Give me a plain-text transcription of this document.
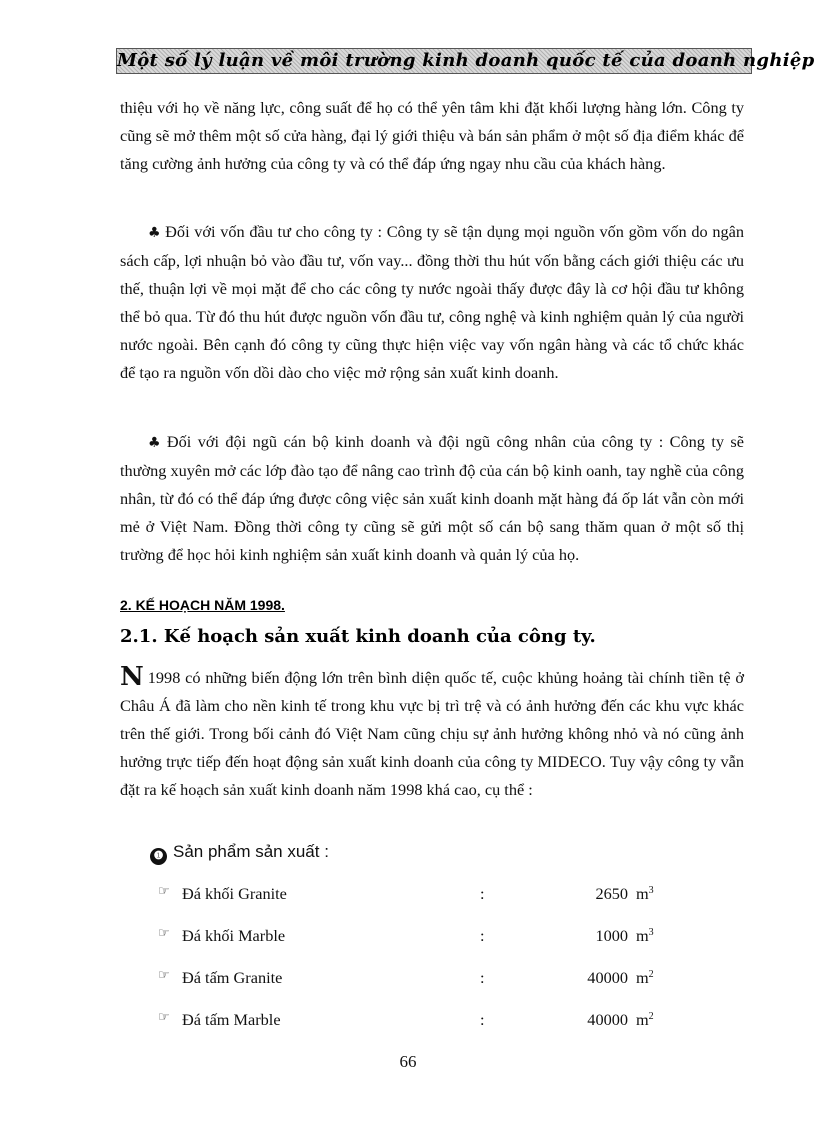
Một số lý luận về môi trường kinh doanh quốc tế của doanh nghiệp

thiệu với họ về năng lực, công suất để họ có thể yên tâm khi đặt khối lượng hàng lớn. Công ty cũng sẽ mở thêm một số cửa hàng, đại lý giới thiệu và bán sản phẩm ở một số địa điểm khác để tăng cường ảnh hưởng của công ty và có thể đáp ứng ngay nhu cầu của khách hàng.

♣ Đối với vốn đầu tư cho công ty : Công ty sẽ tận dụng mọi nguồn vốn gồm vốn do ngân sách cấp, lợi nhuận bỏ vào đầu tư, vốn vay... đồng thời thu hút vốn bằng cách giới thiệu các ưu thế, thuận lợi về mọi mặt để cho các công ty nước ngoài thấy được đây là cơ hội đầu tư không thể bỏ qua. Từ đó thu hút được nguồn vốn đầu tư, công nghệ và kinh nghiệm quản lý của người nước ngoài. Bên cạnh đó công ty cũng thực hiện việc vay vốn ngân hàng và các tổ chức khác để tạo ra nguồn vốn dồi dào cho việc mở rộng sản xuất kinh doanh.

♣ Đối với đội ngũ cán bộ kinh doanh và đội ngũ công nhân của công ty : Công ty sẽ thường xuyên mở các lớp đào tạo để nâng cao trình độ của cán bộ kinh oanh, tay nghề của công nhân, từ đó có thể đáp ứng được công việc sản xuất kinh doanh mặt hàng đá ốp lát vẫn còn mới mẻ ở Việt Nam. Đồng thời công ty cũng sẽ gửi một số cán bộ sang thăm quan ở một số thị trường để học hỏi kinh nghiệm sản xuất kinh doanh và quản lý của họ.

2. KẾ HOẠCH NĂM 1998.
2.1. Kế hoạch sản xuất kinh doanh của công ty.

N 1998 có những biến động lớn trên bình diện quốc tế, cuộc khủng hoảng tài chính tiền tệ ở Châu Á đã làm cho nền kinh tế trong khu vực bị trì trệ và có ảnh hưởng đến các khu vực khác trên thế giới. Trong bối cảnh đó Việt Nam cũng chịu sự ảnh hưởng không nhỏ và nó cũng ảnh hưởng trực tiếp đến hoạt động sản xuất kinh doanh của công ty MIDECO. Tuy vậy công ty vẫn đặt ra kế hoạch sản xuất kinh doanh năm 1998 khá cao, cụ thể :

❶ Sản phẩm sản xuất :
☞ Đá khối Granite	:	2650 $m^3$
☞ Đá khối Marble	:	1000 $m^3$
☞ Đá tấm Granite	:	40000 $m^2$
☞ Đá tấm Marble	:	40000 $m^2$
66
